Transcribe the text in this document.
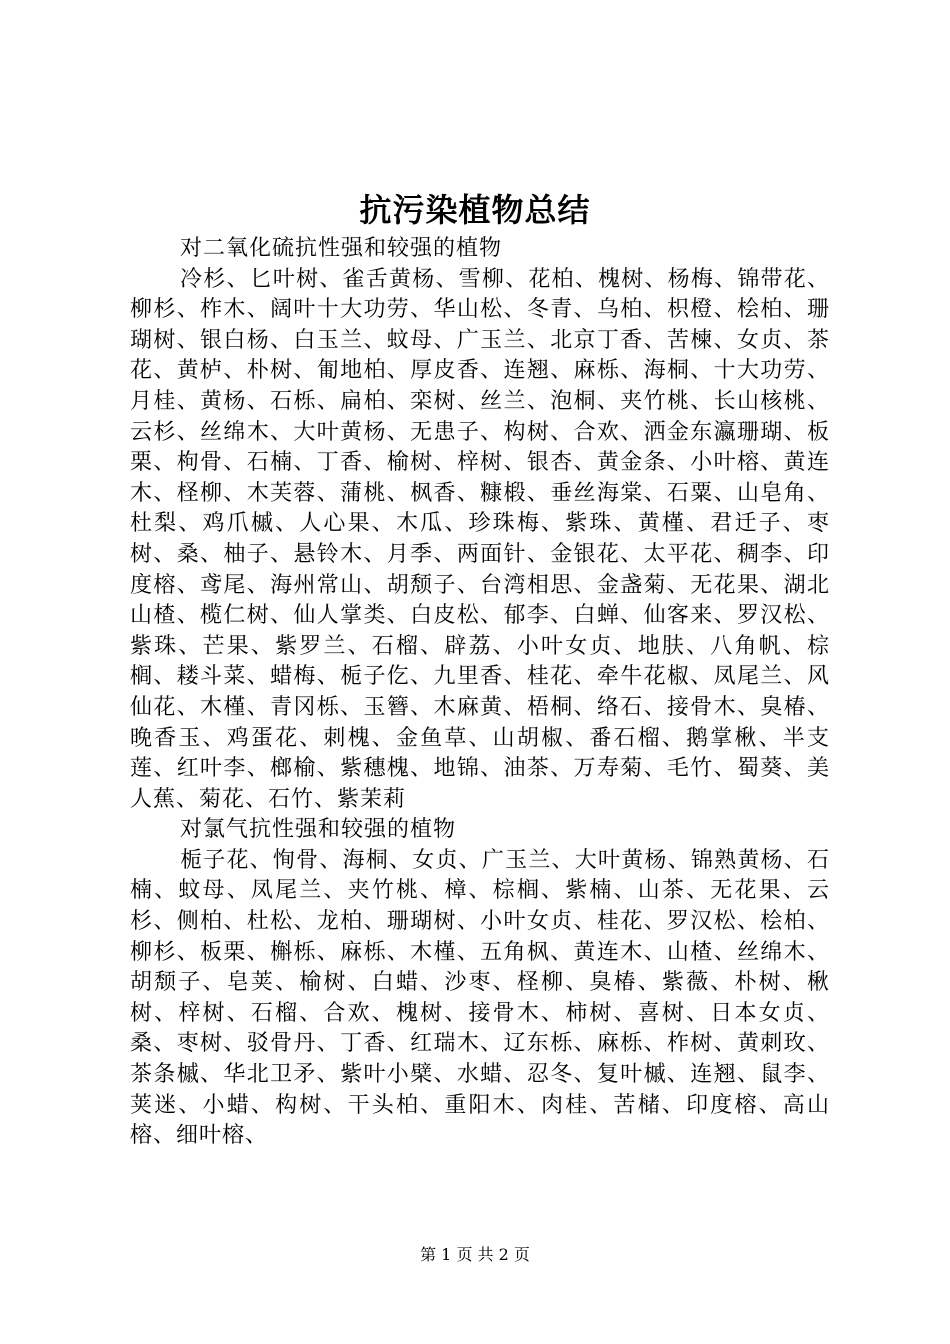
抗污染植物总结

对二氧化硫抗性强和较强的植物

冷杉、匕叶树、雀舌黄杨、雪柳、花柏、槐树、杨梅、锦带花、柳杉、柞木、阔叶十大功劳、华山松、冬青、乌柏、枳橙、桧柏、珊瑚树、银白杨、白玉兰、蚊母、广玉兰、北京丁香、苦楝、女贞、茶花、黄栌、朴树、匍地柏、厚皮香、连翘、麻栎、海桐、十大功劳、月桂、黄杨、石栎、扁柏、栾树、丝兰、泡桐、夹竹桃、长山核桃、云杉、丝绵木、大叶黄杨、无患子、构树、合欢、洒金东瀛珊瑚、板栗、枸骨、石楠、丁香、榆树、梓树、银杏、黄金条、小叶榕、黄连木、柽柳、木芙蓉、蒲桃、枫香、糠椴、垂丝海棠、石粟、山皂角、杜梨、鸡爪槭、人心果、木瓜、珍珠梅、紫珠、黄槿、君迁子、枣树、桑、柚子、悬铃木、月季、两面针、金银花、太平花、稠李、印度榕、鸢尾、海州常山、胡颓子、台湾相思、金盏菊、无花果、湖北山楂、榄仁树、仙人掌类、白皮松、郁李、白蝉、仙客来、罗汉松、紫珠、芒果、紫罗兰、石榴、辟荔、小叶女贞、地肤、八角帆、棕榈、耧斗菜、蜡梅、栀子仡、九里香、桂花、牵牛花椒、凤尾兰、风仙花、木槿、青冈栎、玉簪、木麻黄、梧桐、络石、接骨木、臭椿、晚香玉、鸡蛋花、刺槐、金鱼草、山胡椒、番石榴、鹅掌楸、半支莲、红叶李、榔榆、紫穗槐、地锦、油茶、万寿菊、毛竹、蜀葵、美人蕉、菊花、石竹、紫茉莉

对氯气抗性强和较强的植物

栀子花、恂骨、海桐、女贞、广玉兰、大叶黄杨、锦熟黄杨、石楠、蚊母、凤尾兰、夹竹桃、樟、棕榈、紫楠、山茶、无花果、云杉、侧柏、杜松、龙柏、珊瑚树、小叶女贞、桂花、罗汉松、桧柏、柳杉、板栗、槲栎、麻栎、木槿、五角枫、黄连木、山楂、丝绵木、胡颓子、皂荚、榆树、白蜡、沙枣、柽柳、臭椿、紫薇、朴树、楸树、梓树、石榴、合欢、槐树、接骨木、柿树、喜树、日本女贞、桑、枣树、驳骨丹、丁香、红瑞木、辽东栎、麻栎、柞树、黄刺玫、茶条槭、华北卫矛、紫叶小檗、水蜡、忍冬、复叶槭、连翘、鼠李、荚迷、小蜡、构树、干头柏、重阳木、肉桂、苦槠、印度榕、高山榕、细叶榕、

第 1 页 共 2 页
